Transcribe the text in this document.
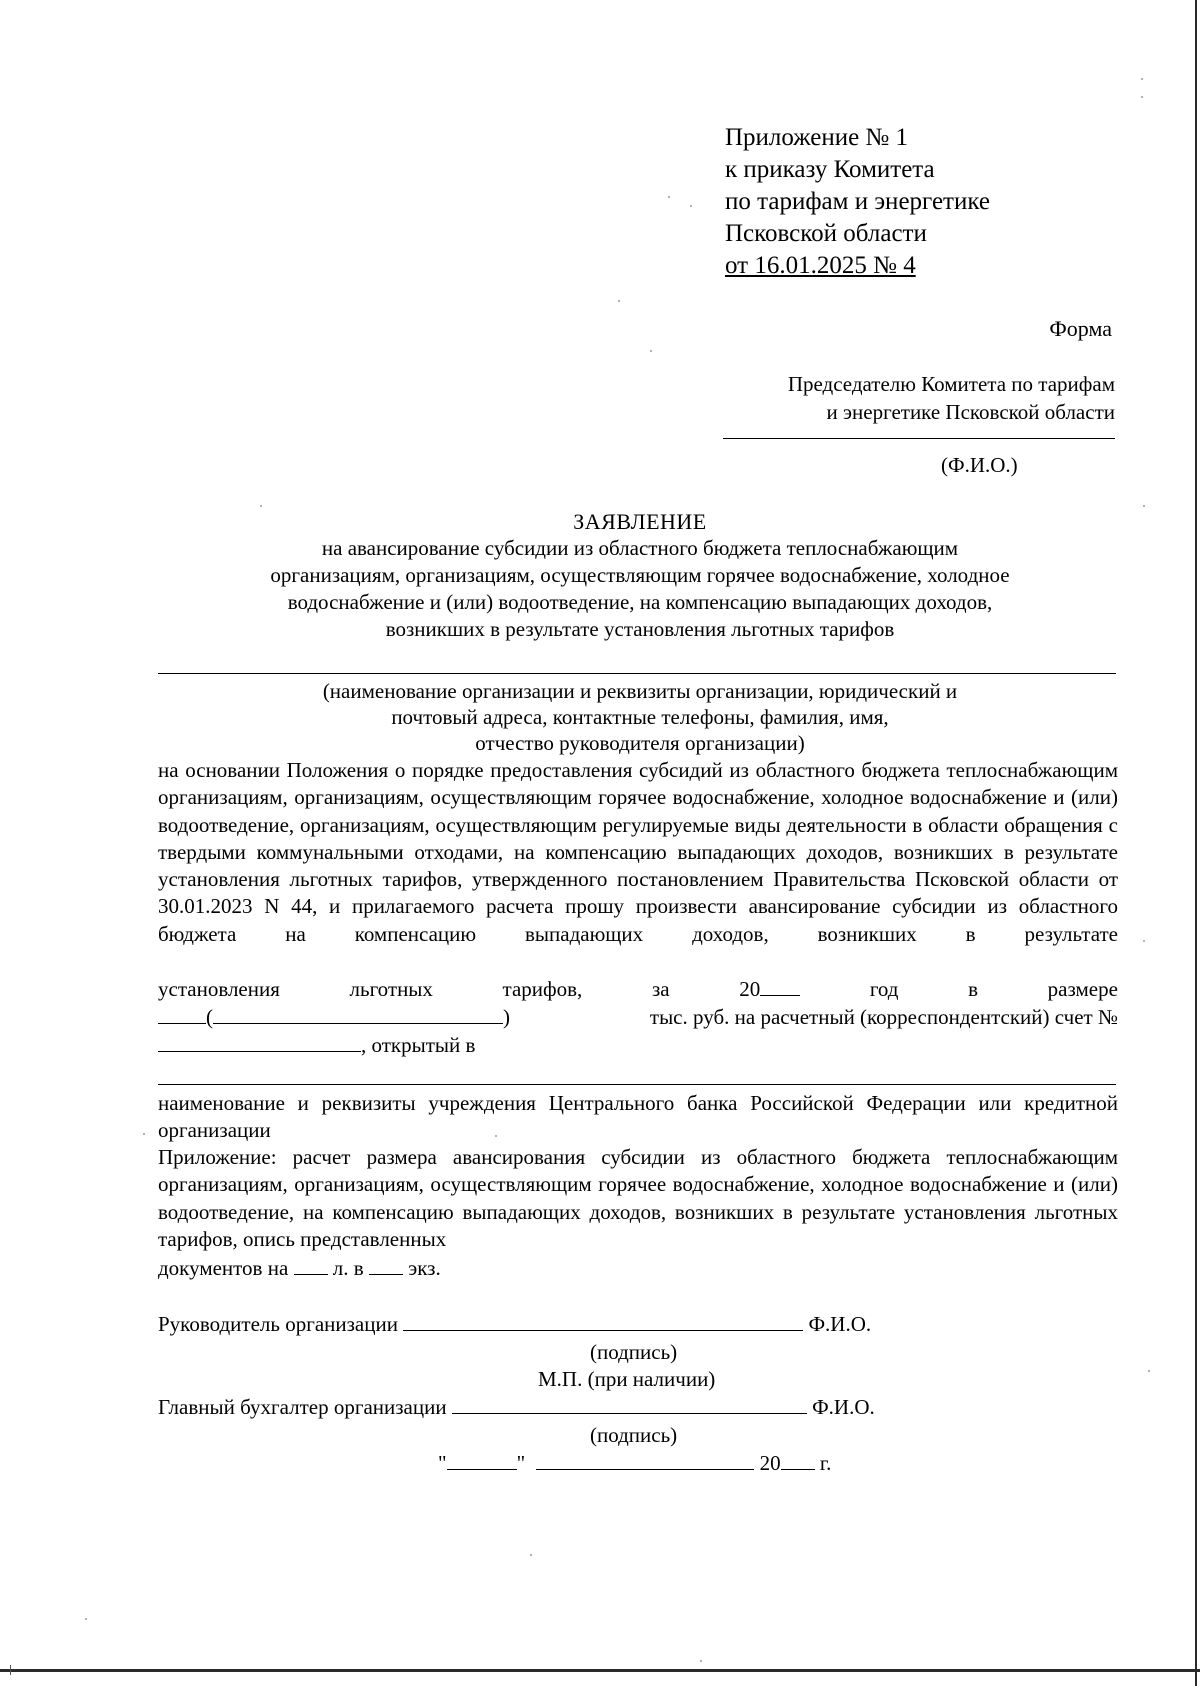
Приложение № 1
к приказу Комитета
по тарифам и энергетике
Псковской области
от 16.01.2025 № 4
Форма
Председателю Комитета по тарифам
и энергетике Псковской области
(Ф.И.О.)
ЗАЯВЛЕНИЕ
на авансирование субсидии из областного бюджета теплоснабжающим
организациям, организациям, осуществляющим горячее водоснабжение, холодное
водоснабжение и (или) водоотведение, на компенсацию выпадающих доходов,
возникших в результате установления льготных тарифов
(наименование организации и реквизиты организации, юридический и
почтовый адреса, контактные телефоны, фамилия, имя,
отчество руководителя организации)
на основании Положения о порядке предоставления субсидий из областного бюджета теплоснабжающим организациям, организациям, осуществляющим горячее водоснабжение, холодное водоснабжение и (или) водоотведение, организациям, осуществляющим регулируемые виды деятельности в области обращения с твердыми коммунальными отходами, на компенсацию выпадающих доходов, возникших в результате установления льготных тарифов, утвержденного постановлением Правительства Псковской области от 30.01.2023 N 44, и прилагаемого расчета прошу произвести авансирование субсидии из областного бюджета на компенсацию выпадающих доходов, возникших в результате
установления	льготных	тарифов,	за	20	год	в	размере
(	)	тыс. руб. на расчетный (корреспондентский) счет №
, открытый в
наименование и реквизиты учреждения Центрального банка Российской Федерации или кредитной организации
Приложение: расчет размера авансирования субсидии из областного бюджета теплоснабжающим организациям, организациям, осуществляющим горячее водоснабжение, холодное водоснабжение и (или) водоотведение, на компенсацию выпадающих доходов, возникших в результате установления льготных тарифов, опись представленных
документов на л. в экз.
Руководитель организации	Ф.И.О.
(подпись)
М.П. (при наличии)
Главный бухгалтер организации	Ф.И.О.
(подпись)
"	"	20 г.
